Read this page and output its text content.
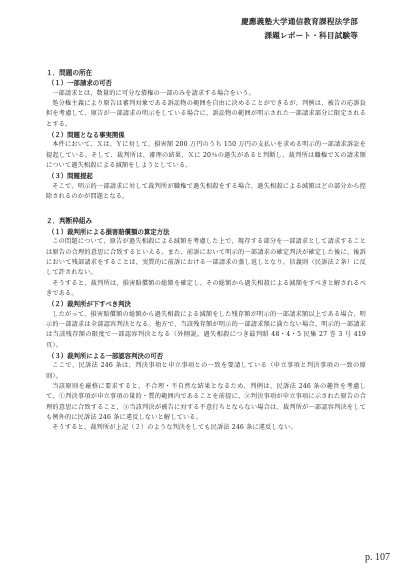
慶應義塾大学通信教育課程法学部
課題レポート・科目試験等

１．問題の所在

（１）一部請求の可否

一部請求とは、数量的に可分な債権の一部のみを請求する場合をいう。

処分権主義により原告は審判対象である訴訟物の範囲を自由に決めることができるが、判例は、被告の応訴負担を考慮して、原告が一部請求の明示をしている場合に、訴訟物の範囲が明示された一部請求部分に限定されるとする。

（２）問題となる事実関係

本件において、Ｘは、Ｙに対して、損害額 200 万円のうち 150 万円の支払いを求める明示的一部請求訴訟を提起している。そして、裁判所は、審理の結果、Ｘに 20％の過失があると判断し、裁判所は職権でＸの請求額について過失相殺による減額をしようとしている。

（３）問題提起

そこで、明示的一部請求に対して裁判所が職権で過失相殺をする場合、過失相殺による減額はどの部分から控除されるのかが問題となる。

２．判断枠組み

（１）裁判所による損害賠償額の算定方法

この問題について、原告が過失相殺による減額を考慮した上で、現存する部分を一部請求として請求することは原告の合理的意思に合致するといえる。また、前訴において明示的一部請求の確定判決が確定した後に、後訴において残部請求をすることは、実質的に前訴における一部請求の蒸し返しとなり、信義則（民訴法２条）に反して許されない。

そうすると、裁判所は、損害賠償額の総額を確定し、その総額から過失相殺による減額をすべきと解されるべきである。

（２）裁判所が下すべき判決

したがって、損害賠償額の総額から過失相殺による減額をした残存額が明示的一部請求額以上である場合、明示的一部請求は全部認容判決となる。他方で、当該残存額が明示的一部請求額に満たない場合、明示的一部請求は当該残存額の限度で一部認容判決となる（外側説。過失相殺につき最判昭 48・4・5 民集 27 巻 3 号 419 頁）。

（３）裁判所による一部認容判決の可否

ここで、民訴法 246 条は、判決事項と申立事項との一致を要請している（申立事項と判決事項の一致の原則）。

当該原則を厳格に要求すると、不合理・不自然な結果となるため、判例は、民訴法 246 条の趣旨を考慮して、①判決事項が申立事項の量的・質的範囲内であることを前提に、②判決事項が申立事項に示された原告の合理的意思に合致すること、③当該判決が被告に対する不意打ちとならない場合は、裁判所が一部認容判決をしても例外的に民訴法 246 条に違反しないと解している。

そうすると、裁判所が上記（２）のような判決をしても民訴法 246 条に違反しない。

p. 107
